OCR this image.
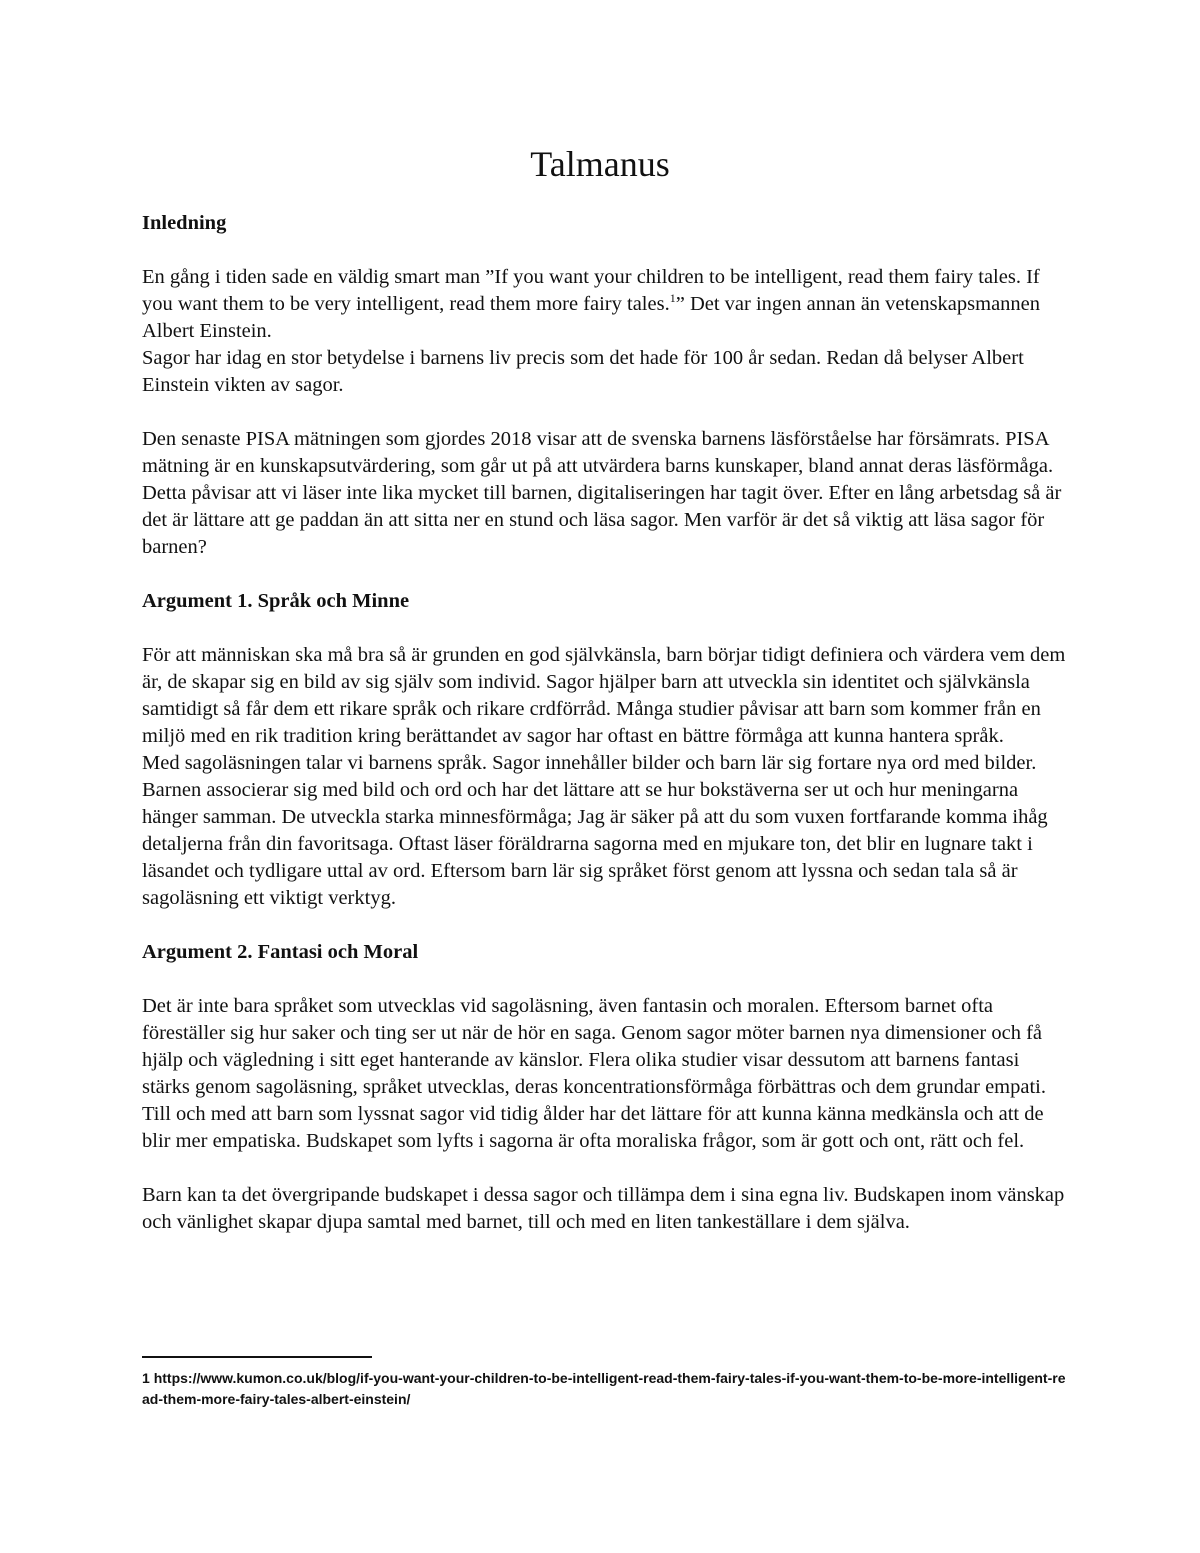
Talmanus
Inledning

En gång i tiden sade en väldig smart man ”If you want your children to be intelligent, read them fairy tales. If you want them to be very intelligent, read them more fairy tales.$^1$” Det var ingen annan än vetenskapsmannen Albert Einstein.

Sagor har idag en stor betydelse i barnens liv precis som det hade för 100 år sedan. Redan då belyser Albert Einstein vikten av sagor.

Den senaste PISA mätningen som gjordes 2018 visar att de svenska barnens läsförståelse har försämrats. PISA mätning är en kunskapsutvärdering, som går ut på att utvärdera barns kunskaper, bland annat deras läsförmåga. Detta påvisar att vi läser inte lika mycket till barnen, digitaliseringen har tagit över. Efter en lång arbetsdag så är det är lättare att ge paddan än att sitta ner en stund och läsa sagor. Men varför är det så viktig att läsa sagor för barnen?

Argument 1. Språk och Minne

För att människan ska må bra så är grunden en god självkänsla, barn börjar tidigt definiera och värdera vem dem är, de skapar sig en bild av sig själv som individ. Sagor hjälper barn att utveckla sin identitet och självkänsla samtidigt så får dem ett rikare språk och rikare crdförråd. Många studier påvisar att barn som kommer från en miljö med en rik tradition kring berättandet av sagor har oftast en bättre förmåga att kunna hantera språk.

Med sagoläsningen talar vi barnens språk. Sagor innehåller bilder och barn lär sig fortare nya ord med bilder. Barnen associerar sig med bild och ord och har det lättare att se hur bokstäverna ser ut och hur meningarna hänger samman. De utveckla starka minnesförmåga; Jag är säker på att du som vuxen fortfarande komma ihåg detaljerna från din favoritsaga. Oftast läser föräldrarna sagorna med en mjukare ton, det blir en lugnare takt i läsandet och tydligare uttal av ord. Eftersom barn lär sig språket först genom att lyssna och sedan tala så är sagoläsning ett viktigt verktyg.

Argument 2. Fantasi och Moral

Det är inte bara språket som utvecklas vid sagoläsning, även fantasin och moralen. Eftersom barnet ofta föreställer sig hur saker och ting ser ut när de hör en saga. Genom sagor möter barnen nya dimensioner och få hjälp och vägledning i sitt eget hanterande av känslor. Flera olika studier visar dessutom att barnens fantasi stärks genom sagoläsning, språket utvecklas, deras koncentrationsförmåga förbättras och dem grundar empati. Till och med att barn som lyssnat sagor vid tidig ålder har det lättare för att kunna känna medkänsla och att de blir mer empatiska. Budskapet som lyfts i sagorna är ofta moraliska frågor, som är gott och ont, rätt och fel.

Barn kan ta det övergripande budskapet i dessa sagor och tillämpa dem i sina egna liv. Budskapen inom vänskap och vänlighet skapar djupa samtal med barnet, till och med en liten tankeställare i dem själva.

1 https://www.kumon.co.uk/blog/if-you-want-your-children-to-be-intelligent-read-them-fairy-tales-if-you-want-them-to-be-more-intelligent-read-them-more-fairy-tales-albert-einstein/
